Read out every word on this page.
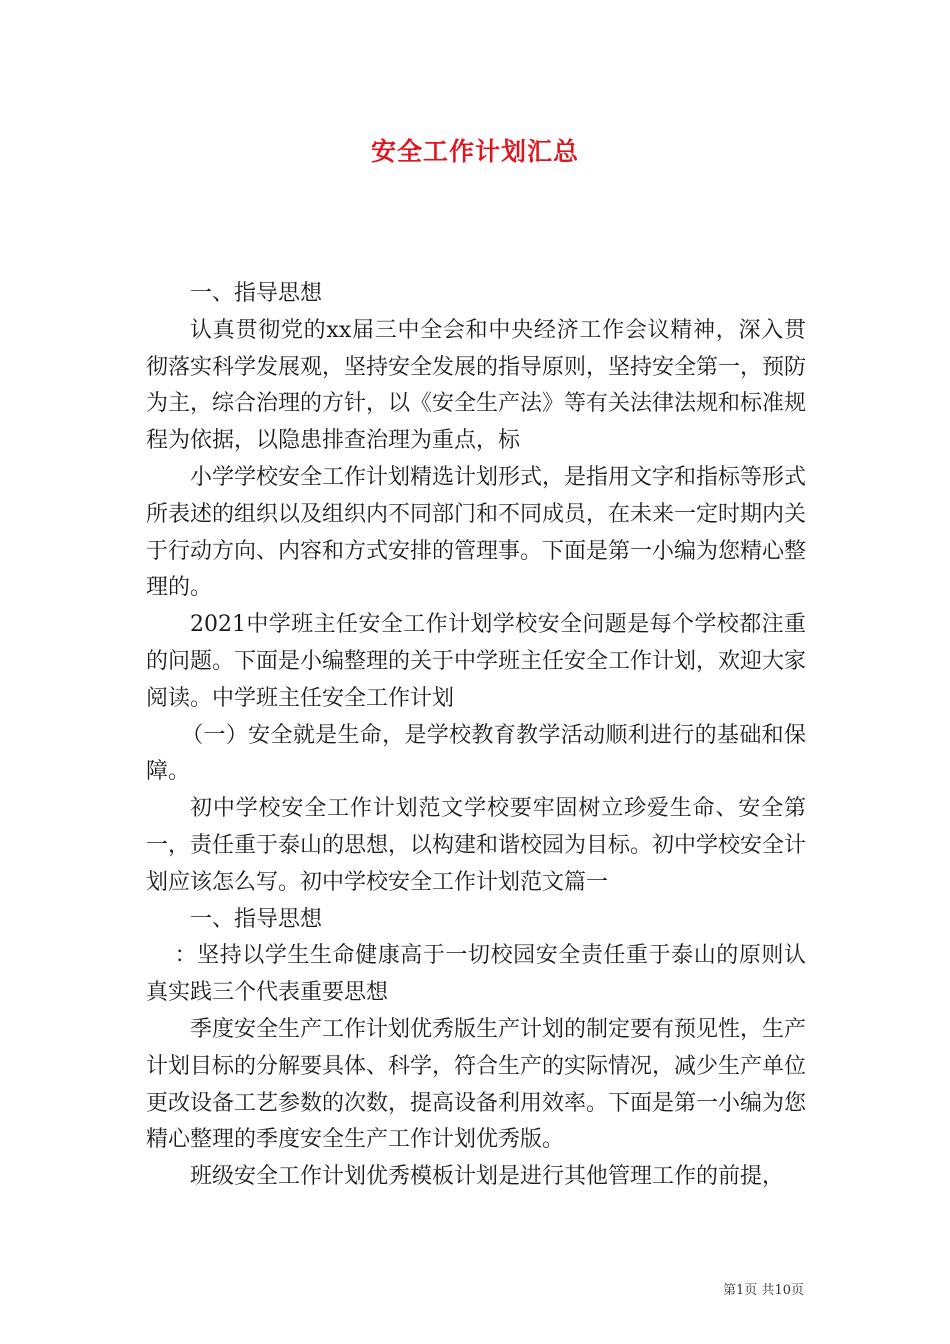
安全工作计划汇总

一、指导思想

认真贯彻党的xx届三中全会和中央经济工作会议精神，深入贯彻落实科学发展观，坚持安全发展的指导原则，坚持安全第一，预防为主，综合治理的方针，以《安全生产法》等有关法律法规和标准规程为依据，以隐患排查治理为重点，标

小学学校安全工作计划精选计划形式，是指用文字和指标等形式所表述的组织以及组织内不同部门和不同成员，在未来一定时期内关于行动方向、内容和方式安排的管理事。下面是第一小编为您精心整理的。

2021中学班主任安全工作计划学校安全问题是每个学校都注重的问题。下面是小编整理的关于中学班主任安全工作计划，欢迎大家阅读。中学班主任安全工作计划

（一）安全就是生命，是学校教育教学活动顺利进行的基础和保障。

初中学校安全工作计划范文学校要牢固树立珍爱生命、安全第一，责任重于泰山的思想，以构建和谐校园为目标。初中学校安全计划应该怎么写。初中学校安全工作计划范文篇一

一、指导思想

：坚持以学生生命健康高于一切校园安全责任重于泰山的原则认真实践三个代表重要思想

季度安全生产工作计划优秀版生产计划的制定要有预见性，生产计划目标的分解要具体、科学，符合生产的实际情况，减少生产单位更改设备工艺参数的次数，提高设备利用效率。下面是第一小编为您精心整理的季度安全生产工作计划优秀版。

班级安全工作计划优秀模板计划是进行其他管理工作的前提，

第1页 共10页
